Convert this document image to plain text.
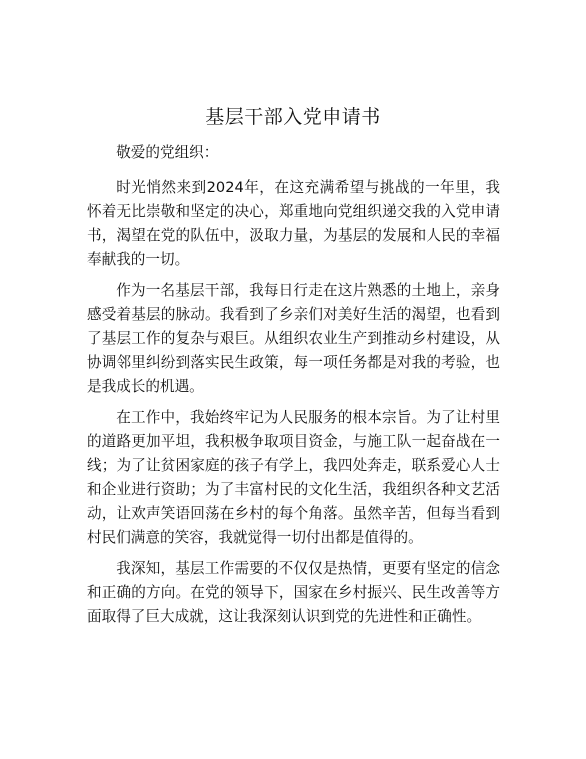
基层干部入党申请书

敬爱的党组织：

时光悄然来到2024年，在这充满希望与挑战的一年里，我怀着无比崇敬和坚定的决心，郑重地向党组织递交我的入党申请书，渴望在党的队伍中，汲取力量，为基层的发展和人民的幸福奉献我的一切。

作为一名基层干部，我每日行走在这片熟悉的土地上，亲身感受着基层的脉动。我看到了乡亲们对美好生活的渴望，也看到了基层工作的复杂与艰巨。从组织农业生产到推动乡村建设，从协调邻里纠纷到落实民生政策，每一项任务都是对我的考验，也是我成长的机遇。

在工作中，我始终牢记为人民服务的根本宗旨。为了让村里的道路更加平坦，我积极争取项目资金，与施工队一起奋战在一线；为了让贫困家庭的孩子有学上，我四处奔走，联系爱心人士和企业进行资助；为了丰富村民的文化生活，我组织各种文艺活动，让欢声笑语回荡在乡村的每个角落。虽然辛苦，但每当看到村民们满意的笑容，我就觉得一切付出都是值得的。

我深知，基层工作需要的不仅仅是热情，更要有坚定的信念和正确的方向。在党的领导下，国家在乡村振兴、民生改善等方面取得了巨大成就，这让我深刻认识到党的先进性和正确性。
